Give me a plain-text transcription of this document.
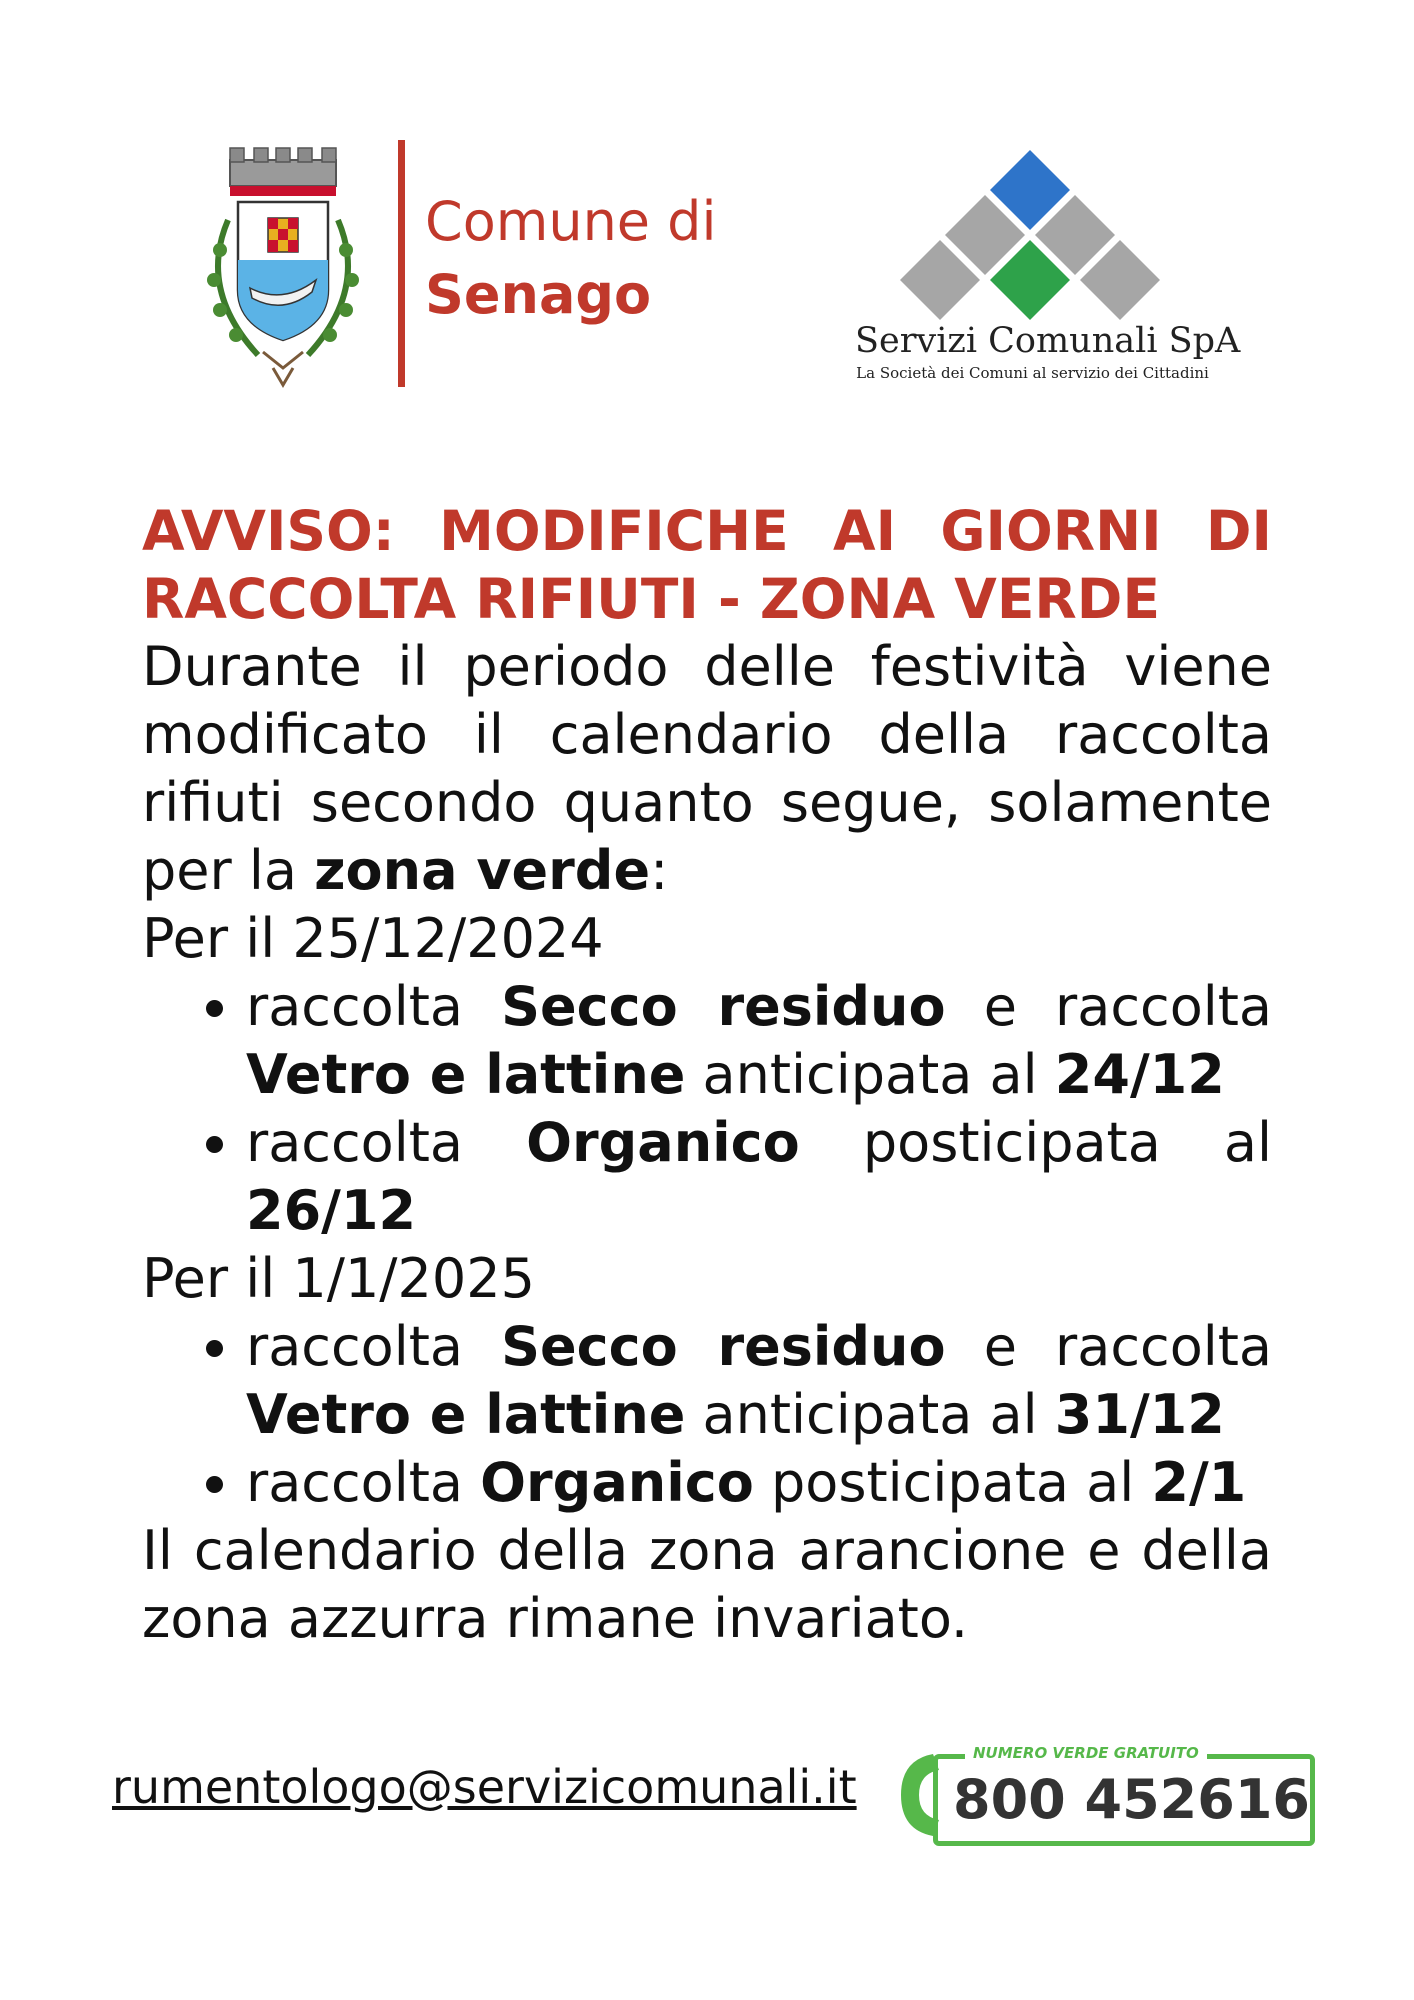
Comune di
Senago
Servizi Comunali SpA
La Società dei Comuni al servizio dei Cittadini

AVVISO: MODIFICHE AI GIORNI DI RACCOLTA RIFIUTI - ZONA VERDE

Durante il periodo delle festività viene modificato il calendario della raccolta rifiuti secondo quanto segue, solamente per la zona verde:

Per il 25/12/2024

• raccolta Secco residuo e raccolta Vetro e lattine anticipata al 24/12
• raccolta Organico posticipata al 26/12

Per il 1/1/2025

• raccolta Secco residuo e raccolta Vetro e lattine anticipata al 31/12
• raccolta Organico posticipata al 2/1

Il calendario della zona arancione e della zona azzurra rimane invariato.

rumentologo@servizicomunali.it
NUMERO VERDE GRATUITO
800 452616
